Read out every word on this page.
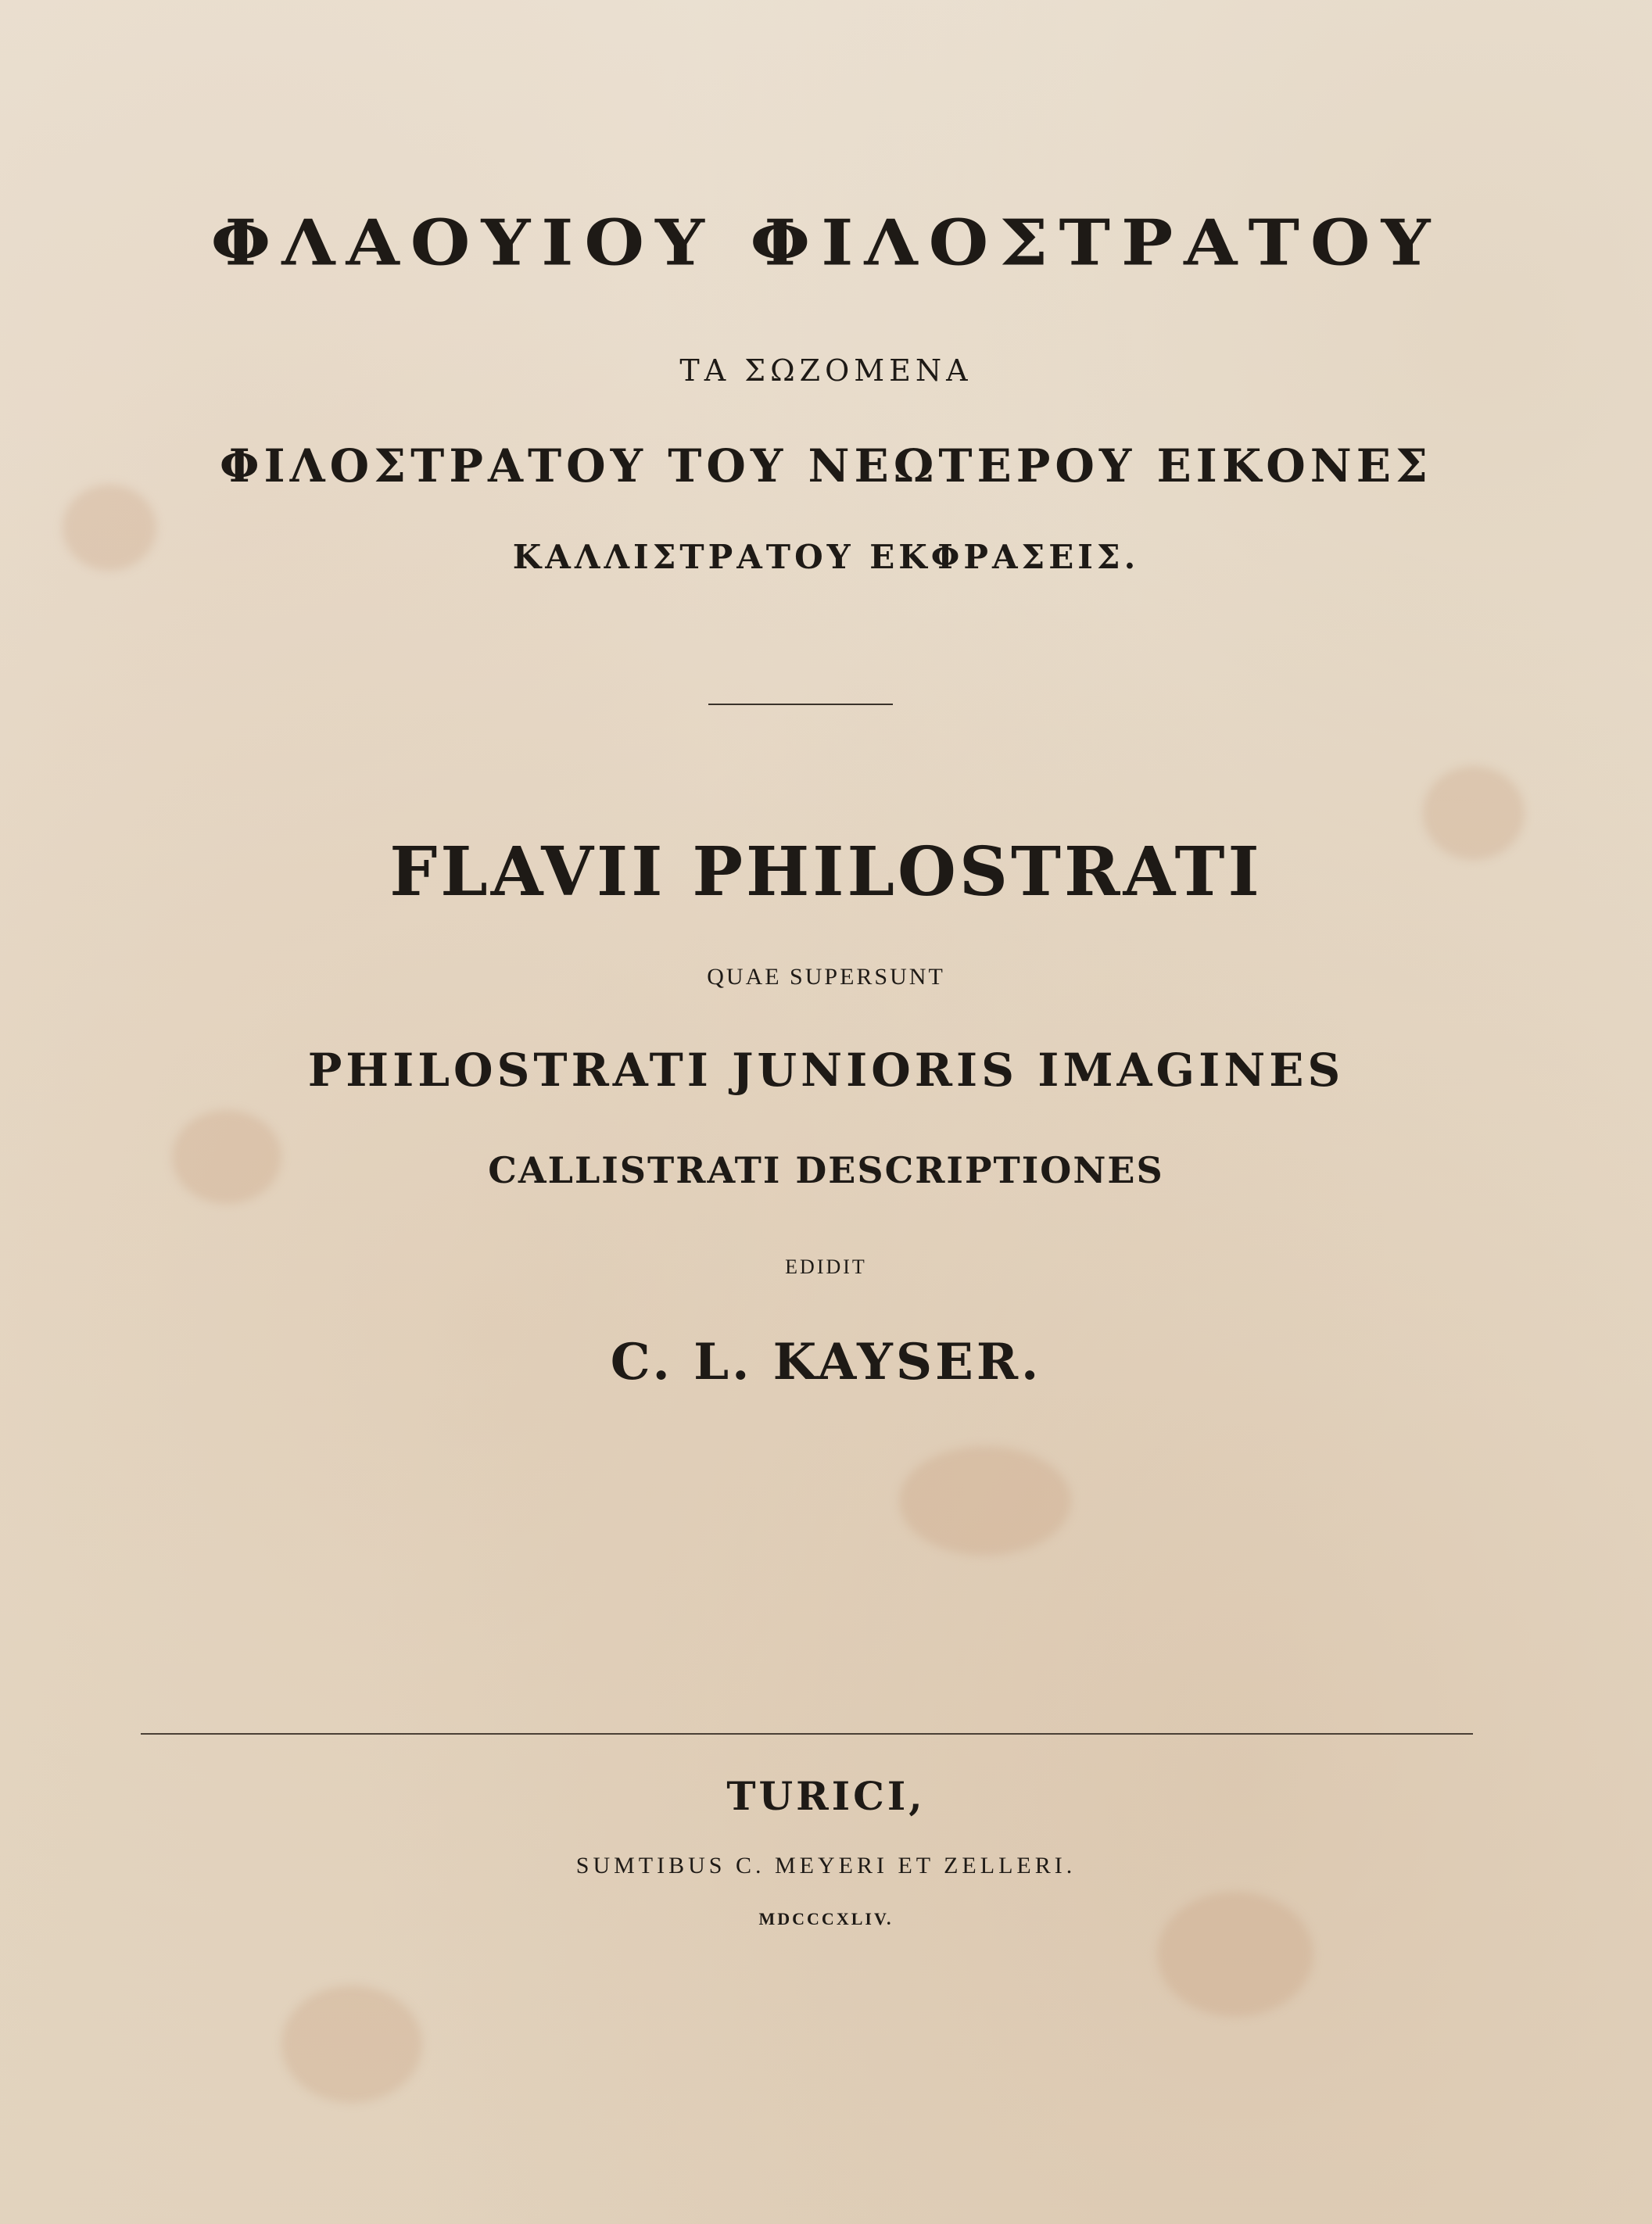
ΦΛΑΟΥΙΟΥ ΦΙΛΟΣΤΡΑΤΟΥ
ΤΑ ΣΩΖΟΜΕΝΑ
ΦΙΛΟΣΤΡΑΤΟΥ ΤΟΥ ΝΕΩΤΕΡΟΥ ΕΙΚΟΝΕΣ
ΚΑΛΛΙΣΤΡΑΤΟΥ ΕΚΦΡΑΣΕΙΣ.
FLAVII PHILOSTRATI
QUAE SUPERSUNT
PHILOSTRATI JUNIORIS IMAGINES
CALLISTRATI DESCRIPTIONES
EDIDIT
C. L. KAYSER.
TURICI,
SUMTIBUS C. MEYERI ET ZELLERI.
MDCCCXLIV.
